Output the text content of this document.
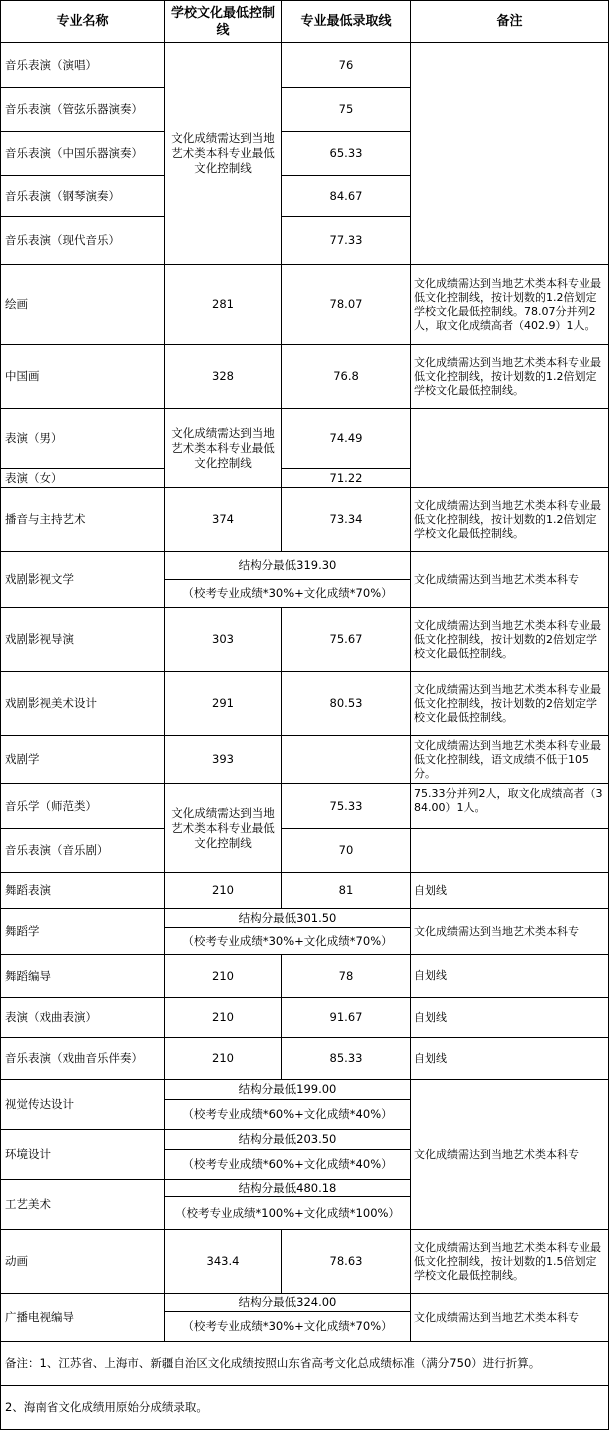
专业名称	学校文化最低控制线	专业最低录取线	备注
音乐表演（演唱）	文化成绩需达到当地艺术类本科专业最低文化控制线	76	
音乐表演（管弦乐器演奏）		75	
音乐表演（中国乐器演奏）		65.33	
音乐表演（钢琴演奏）		84.67	
音乐表演（现代音乐）		77.33	
绘画	281	78.07	文化成绩需达到当地艺术类本科专业最低文化控制线，按计划数的1.2倍划定学校文化最低控制线。78.07分并列2人，取文化成绩高者（402.9）1人。
中国画	328	76.8	文化成绩需达到当地艺术类本科专业最低文化控制线，按计划数的1.2倍划定学校文化最低控制线。
表演（男）	文化成绩需达到当地艺术类本科专业最低文化控制线	74.49	
表演（女）		71.22	
播音与主持艺术	374	73.34	文化成绩需达到当地艺术类本科专业最低文化控制线，按计划数的1.2倍划定学校文化最低控制线。
戏剧影视文学	结构分最低319.30		文化成绩需达到当地艺术类本科专
	（校考专业成绩*30%+文化成绩*70%）		
戏剧影视导演	303	75.67	文化成绩需达到当地艺术类本科专业最低文化控制线，按计划数的2倍划定学校文化最低控制线。
戏剧影视美术设计	291	80.53	文化成绩需达到当地艺术类本科专业最低文化控制线，按计划数的2倍划定学校文化最低控制线。
戏剧学	393		文化成绩需达到当地艺术类本科专业最低文化控制线，语文成绩不低于105分。
音乐学（师范类）	文化成绩需达到当地艺术类本科专业最低文化控制线	75.33	75.33分并列2人，取文化成绩高者（384.00）1人。
音乐表演（音乐剧）		70	
舞蹈表演	210	81	自划线
舞蹈学	结构分最低301.50		文化成绩需达到当地艺术类本科专
	（校考专业成绩*30%+文化成绩*70%）		
舞蹈编导	210	78	自划线
表演（戏曲表演）	210	91.67	自划线
音乐表演（戏曲音乐伴奏）	210	85.33	自划线
视觉传达设计	结构分最低199.00		文化成绩需达到当地艺术类本科专
	（校考专业成绩*60%+文化成绩*40%）		
环境设计	结构分最低203.50		
	（校考专业成绩*60%+文化成绩*40%）		
工艺美术	结构分最低480.18		
	（校考专业成绩*100%+文化成绩*100%）		
动画	343.4	78.63	文化成绩需达到当地艺术类本科专业最低文化控制线，按计划数的1.5倍划定学校文化最低控制线。
广播电视编导	结构分最低324.00		文化成绩需达到当地艺术类本科专
	（校考专业成绩*30%+文化成绩*70%）		
备注：1、江苏省、上海市、新疆自治区文化成绩按照山东省高考文化总成绩标准（满分750）进行折算。			
2、海南省文化成绩用原始分成绩录取。			
